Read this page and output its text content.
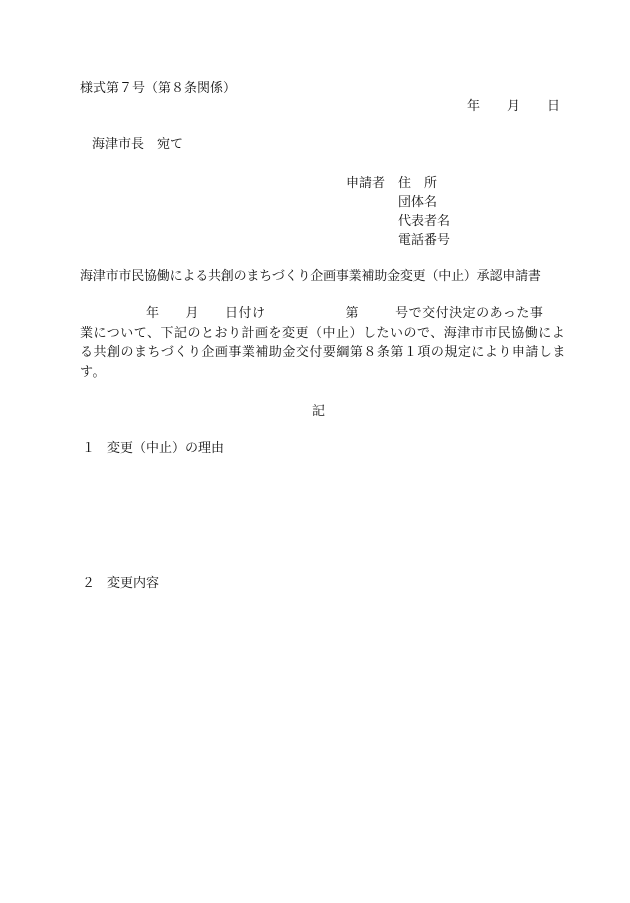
様式第７号（第８条関係）
年 月 日
海津市長　宛て
申請者 住　所
団体名
代表者名
電話番号
海津市市民協働による共創のまちづくり企画事業補助金変更（中止）承認申請書
年 月 日付け	第	号で交付決定のあった事
業について、下記のとおり計画を変更（中止）したいので、海津市市民協働によ
る共創のまちづくり企画事業補助金交付要綱第８条第１項の規定により申請しま
す。
記
１ 変更（中止）の理由
２ 変更内容
